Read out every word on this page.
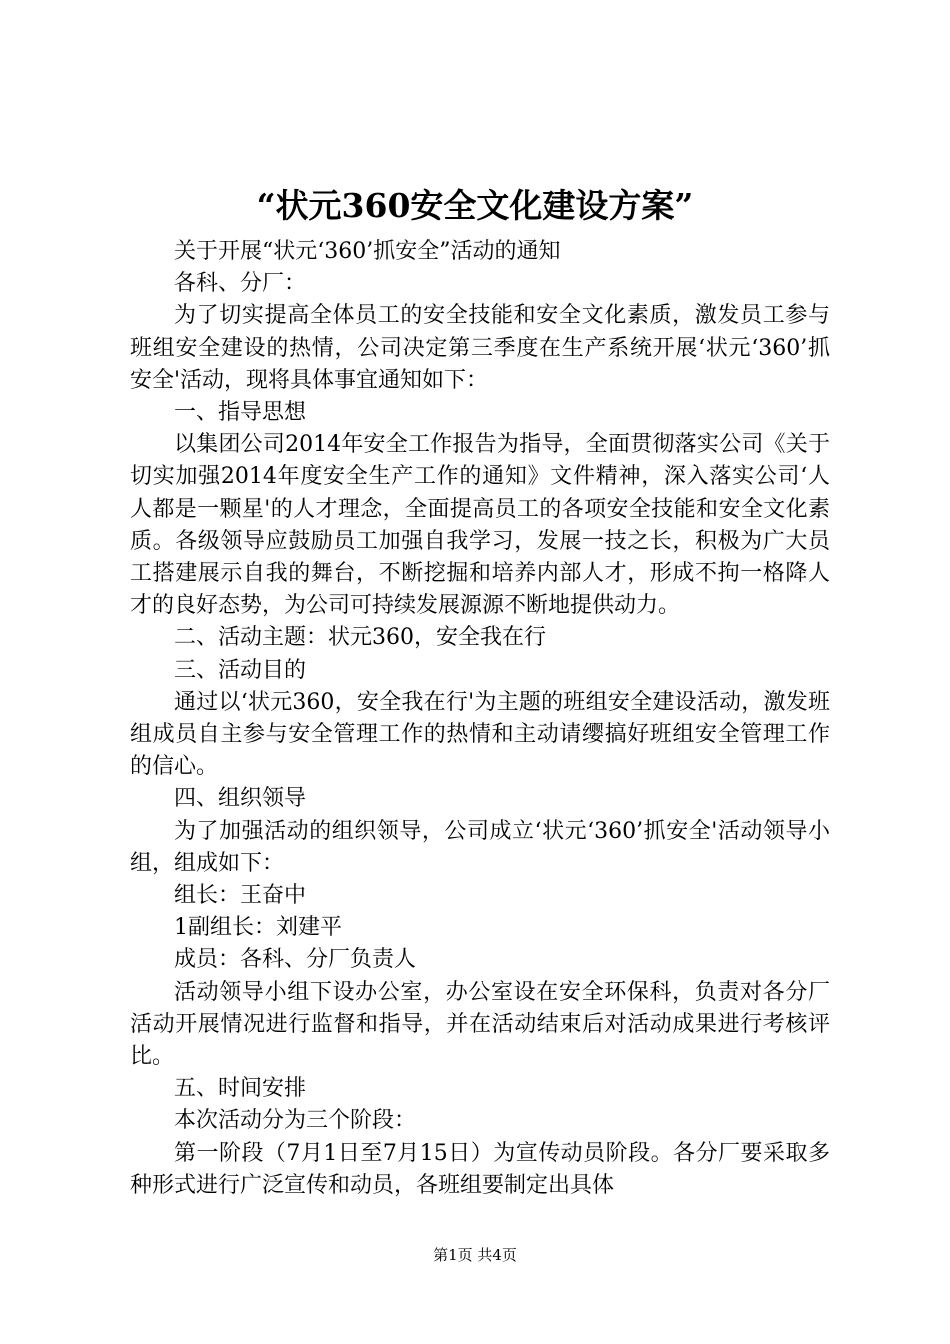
“状元360安全文化建设方案”

关于开展“状元‘360’抓安全”活动的通知

各科、分厂：

为了切实提高全体员工的安全技能和安全文化素质，激发员工参与班组安全建设的热情，公司决定第三季度在生产系统开展‘状元‘360’抓安全'活动，现将具体事宜通知如下：

一、指导思想

以集团公司2014年安全工作报告为指导，全面贯彻落实公司《关于切实加强2014年度安全生产工作的通知》文件精神，深入落实公司‘人人都是一颗星'的人才理念，全面提高员工的各项安全技能和安全文化素质。各级领导应鼓励员工加强自我学习，发展一技之长，积极为广大员工搭建展示自我的舞台，不断挖掘和培养内部人才，形成不拘一格降人才的良好态势，为公司可持续发展源源不断地提供动力。

二、活动主题：状元360，安全我在行

三、活动目的

通过以‘状元360，安全我在行'为主题的班组安全建设活动，激发班组成员自主参与安全管理工作的热情和主动请缨搞好班组安全管理工作的信心。

四、组织领导

为了加强活动的组织领导，公司成立‘状元‘360’抓安全'活动领导小组，组成如下：

组长：王奋中

1副组长：刘建平

成员：各科、分厂负责人

活动领导小组下设办公室，办公室设在安全环保科，负责对各分厂活动开展情况进行监督和指导，并在活动结束后对活动成果进行考核评比。

五、时间安排

本次活动分为三个阶段：

第一阶段（7月1日至7月15日）为宣传动员阶段。各分厂要采取多种形式进行广泛宣传和动员，各班组要制定出具体

第1页 共4页
